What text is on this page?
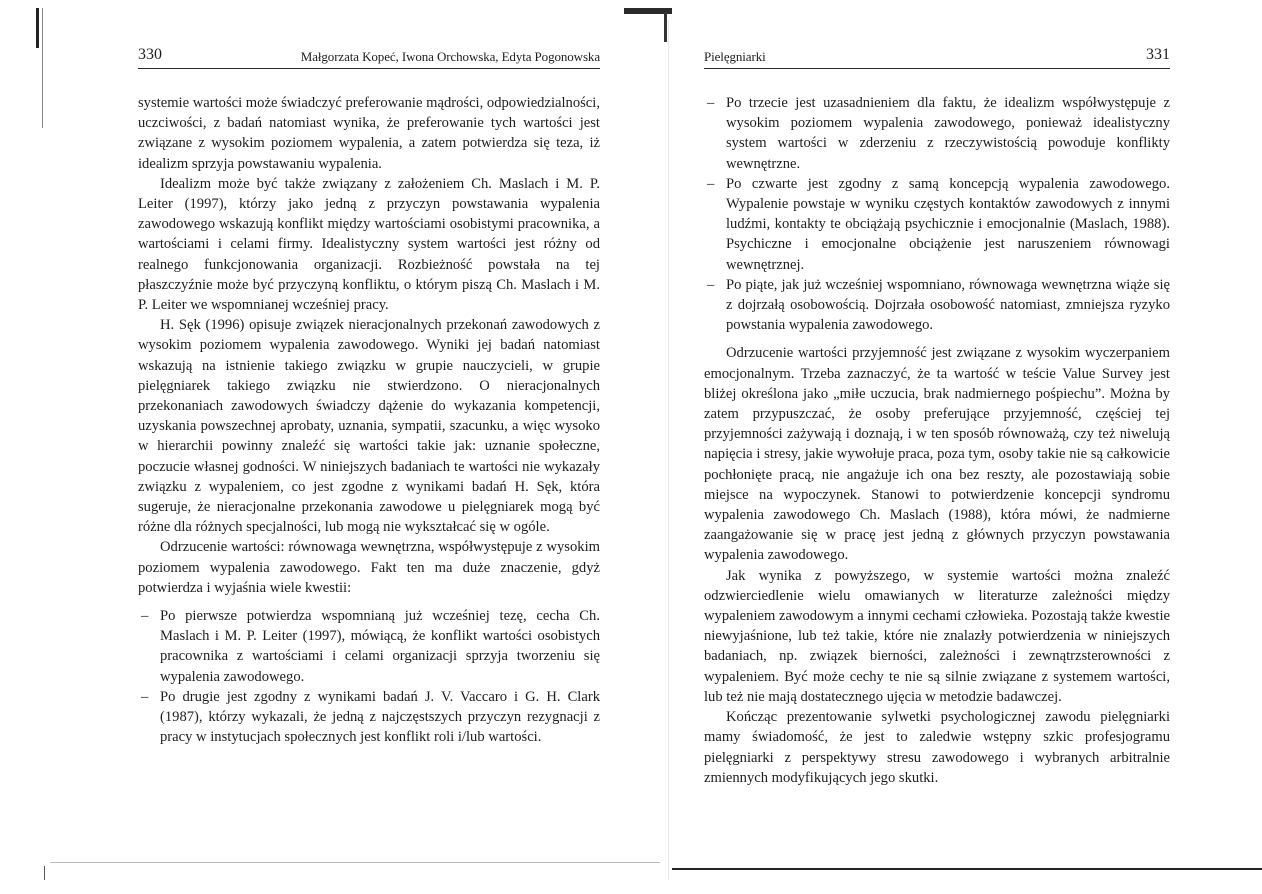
330	Małgorzata Kopeć, Iwona Orchowska, Edyta Pogonowska

systemie wartości może świadczyć preferowanie mądrości, odpowiedzialności, uczciwości, z badań natomiast wynika, że preferowanie tych wartości jest związane z wysokim poziomem wypalenia, a zatem potwierdza się teza, iż idealizm sprzyja powstawaniu wypalenia.

Idealizm może być także związany z założeniem Ch. Maslach i M. P. Leiter (1997), którzy jako jedną z przyczyn powstawania wypalenia zawodowego wskazują konflikt między wartościami osobistymi pracownika, a wartościami i celami firmy. Idealistyczny system wartości jest różny od realnego funkcjonowania organizacji. Rozbieżność powstała na tej płaszczyźnie może być przyczyną konfliktu, o którym piszą Ch. Maslach i M. P. Leiter we wspomnianej wcześniej pracy.

H. Sęk (1996) opisuje związek nieracjonalnych przekonań zawodowych z wysokim poziomem wypalenia zawodowego. Wyniki jej badań natomiast wskazują na istnienie takiego związku w grupie nauczycieli, w grupie pielęgniarek takiego związku nie stwierdzono. O nieracjonalnych przekonaniach zawodowych świadczy dążenie do wykazania kompetencji, uzyskania powszechnej aprobaty, uznania, sympatii, szacunku, a więc wysoko w hierarchii powinny znaleźć się wartości takie jak: uznanie społeczne, poczucie własnej godności. W niniejszych badaniach te wartości nie wykazały związku z wypaleniem, co jest zgodne z wynikami badań H. Sęk, która sugeruje, że nieracjonalne przekonania zawodowe u pielęgniarek mogą być różne dla różnych specjalności, lub mogą nie wykształcać się w ogóle.

Odrzucenie wartości: równowaga wewnętrzna, współwystępuje z wysokim poziomem wypalenia zawodowego. Fakt ten ma duże znaczenie, gdyż potwierdza i wyjaśnia wiele kwestii:

– Po pierwsze potwierdza wspomnianą już wcześniej tezę, cecha Ch. Maslach i M. P. Leiter (1997), mówiącą, że konflikt wartości osobistych pracownika z wartościami i celami organizacji sprzyja tworzeniu się wypalenia zawodowego.
– Po drugie jest zgodny z wynikami badań J. V. Vaccaro i G. H. Clark (1987), którzy wykazali, że jedną z najczęstszych przyczyn rezygnacji z pracy w instytucjach społecznych jest konflikt roli i/lub wartości.
Pielęgniarki	331
– Po trzecie jest uzasadnieniem dla faktu, że idealizm współwystępuje z wysokim poziomem wypalenia zawodowego, ponieważ idealistyczny system wartości w zderzeniu z rzeczywistością powoduje konflikty wewnętrzne.
– Po czwarte jest zgodny z samą koncepcją wypalenia zawodowego. Wypalenie powstaje w wyniku częstych kontaktów zawodowych z innymi ludźmi, kontakty te obciążają psychicznie i emocjonalnie (Maslach, 1988). Psychiczne i emocjonalne obciążenie jest naruszeniem równowagi wewnętrznej.
– Po piąte, jak już wcześniej wspomniano, równowaga wewnętrzna wiąże się z dojrzałą osobowością. Dojrzała osobowość natomiast, zmniejsza ryzyko powstania wypalenia zawodowego.

Odrzucenie wartości przyjemność jest związane z wysokim wyczerpaniem emocjonalnym. Trzeba zaznaczyć, że ta wartość w teście Value Survey jest bliżej określona jako „miłe uczucia, brak nadmiernego pośpiechu”. Można by zatem przypuszczać, że osoby preferujące przyjemność, częściej tej przyjemności zażywają i doznają, i w ten sposób równoważą, czy też niwelują napięcia i stresy, jakie wywołuje praca, poza tym, osoby takie nie są całkowicie pochłonięte pracą, nie angażuje ich ona bez reszty, ale pozostawiają sobie miejsce na wypoczynek. Stanowi to potwierdzenie koncepcji syndromu wypalenia zawodowego Ch. Maslach (1988), która mówi, że nadmierne zaangażowanie się w pracę jest jedną z głównych przyczyn powstawania wypalenia zawodowego.

Jak wynika z powyższego, w systemie wartości można znaleźć odzwierciedlenie wielu omawianych w literaturze zależności między wypaleniem zawodowym a innymi cechami człowieka. Pozostają także kwestie niewyjaśnione, lub też takie, które nie znalazły potwierdzenia w niniejszych badaniach, np. związek bierności, zależności i zewnątrzsterowności z wypaleniem. Być może cechy te nie są silnie związane z systemem wartości, lub też nie mają dostatecznego ujęcia w metodzie badawczej.

Kończąc prezentowanie sylwetki psychologicznej zawodu pielęgniarki mamy świadomość, że jest to zaledwie wstępny szkic profesjogramu pielęgniarki z perspektywy stresu zawodowego i wybranych arbitralnie zmiennych modyfikujących jego skutki.
